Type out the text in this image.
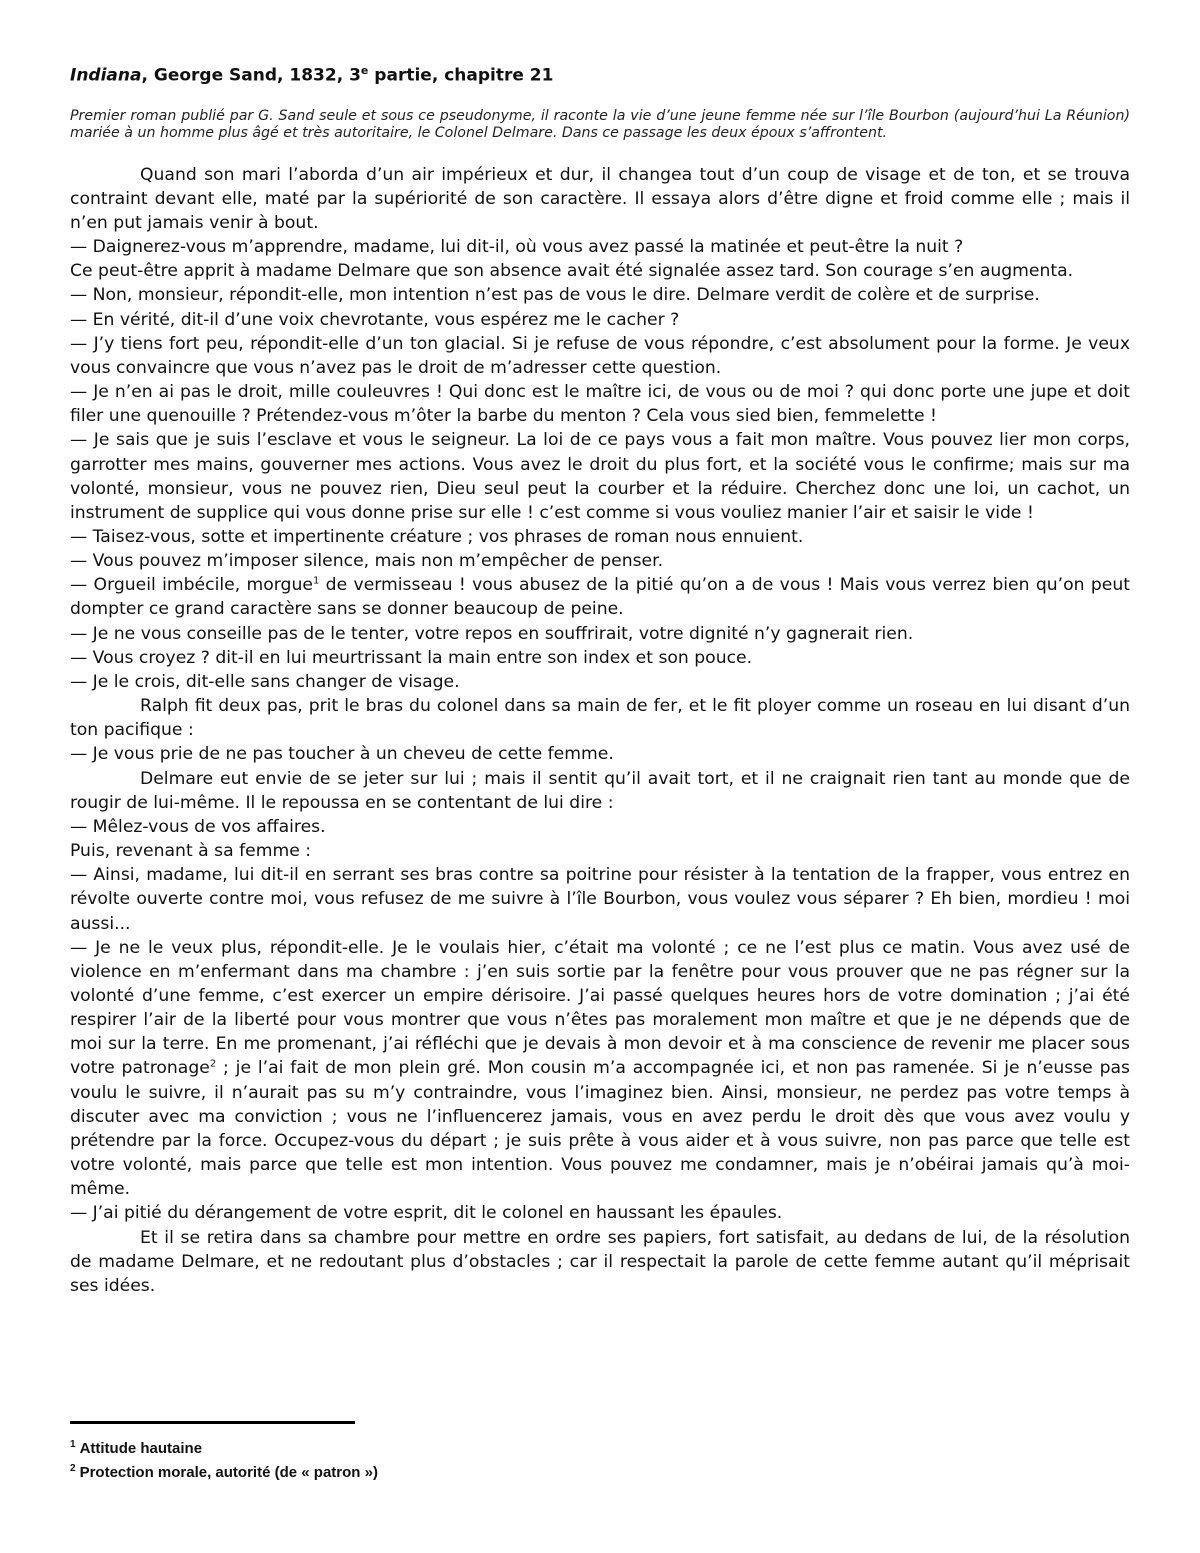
Indiana, George Sand, 1832, 3e partie, chapitre 21

Premier roman publié par G. Sand seule et sous ce pseudonyme, il raconte la vie d’une jeune femme née sur l’île Bourbon (aujourd’hui La Réunion) mariée à un homme plus âgé et très autoritaire, le Colonel Delmare. Dans ce passage les deux époux s’affrontent.

Quand son mari l’aborda d’un air impérieux et dur, il changea tout d’un coup de visage et de ton, et se trouva contraint devant elle, maté par la supériorité de son caractère. Il essaya alors d’être digne et froid comme elle ; mais il n’en put jamais venir à bout.

— Daignerez-vous m’apprendre, madame, lui dit-il, où vous avez passé la matinée et peut-être la nuit ?

Ce peut-être apprit à madame Delmare que son absence avait été signalée assez tard. Son courage s’en augmenta.

— Non, monsieur, répondit-elle, mon intention n’est pas de vous le dire. Delmare verdit de colère et de surprise.

— En vérité, dit-il d’une voix chevrotante, vous espérez me le cacher ?

— J’y tiens fort peu, répondit-elle d’un ton glacial. Si je refuse de vous répondre, c’est absolument pour la forme. Je veux vous convaincre que vous n’avez pas le droit de m’adresser cette question.

— Je n’en ai pas le droit, mille couleuvres ! Qui donc est le maître ici, de vous ou de moi ? qui donc porte une jupe et doit filer une quenouille ? Prétendez-vous m’ôter la barbe du menton ? Cela vous sied bien, femmelette !

— Je sais que je suis l’esclave et vous le seigneur. La loi de ce pays vous a fait mon maître. Vous pouvez lier mon corps, garrotter mes mains, gouverner mes actions. Vous avez le droit du plus fort, et la société vous le confirme; mais sur ma volonté, monsieur, vous ne pouvez rien, Dieu seul peut la courber et la réduire. Cherchez donc une loi, un cachot, un instrument de supplice qui vous donne prise sur elle ! c’est comme si vous vouliez manier l’air et saisir le vide !

— Taisez-vous, sotte et impertinente créature ; vos phrases de roman nous ennuient.

— Vous pouvez m’imposer silence, mais non m’empêcher de penser.

— Orgueil imbécile, morgue$^1$ de vermisseau ! vous abusez de la pitié qu’on a de vous ! Mais vous verrez bien qu’on peut dompter ce grand caractère sans se donner beaucoup de peine.

— Je ne vous conseille pas de le tenter, votre repos en souffrirait, votre dignité n’y gagnerait rien.

— Vous croyez ? dit-il en lui meurtrissant la main entre son index et son pouce.

— Je le crois, dit-elle sans changer de visage.

Ralph fit deux pas, prit le bras du colonel dans sa main de fer, et le fit ployer comme un roseau en lui disant d’un ton pacifique :

— Je vous prie de ne pas toucher à un cheveu de cette femme.

Delmare eut envie de se jeter sur lui ; mais il sentit qu’il avait tort, et il ne craignait rien tant au monde que de rougir de lui-même. Il le repoussa en se contentant de lui dire :

— Mêlez-vous de vos affaires.

Puis, revenant à sa femme :

— Ainsi, madame, lui dit-il en serrant ses bras contre sa poitrine pour résister à la tentation de la frapper, vous entrez en révolte ouverte contre moi, vous refusez de me suivre à l’île Bourbon, vous voulez vous séparer ? Eh bien, mordieu ! moi aussi...

— Je ne le veux plus, répondit-elle. Je le voulais hier, c’était ma volonté ; ce ne l’est plus ce matin. Vous avez usé de violence en m’enfermant dans ma chambre : j’en suis sortie par la fenêtre pour vous prouver que ne pas régner sur la volonté d’une femme, c’est exercer un empire dérisoire. J’ai passé quelques heures hors de votre domination ; j’ai été respirer l’air de la liberté pour vous montrer que vous n’êtes pas moralement mon maître et que je ne dépends que de moi sur la terre. En me promenant, j’ai réfléchi que je devais à mon devoir et à ma conscience de revenir me placer sous votre patronage$^2$ ; je l’ai fait de mon plein gré. Mon cousin m’a accompagnée ici, et non pas ramenée. Si je n’eusse pas voulu le suivre, il n’aurait pas su m’y contraindre, vous l’imaginez bien. Ainsi, monsieur, ne perdez pas votre temps à discuter avec ma conviction ; vous ne l’influencerez jamais, vous en avez perdu le droit dès que vous avez voulu y prétendre par la force. Occupez-vous du départ ; je suis prête à vous aider et à vous suivre, non pas parce que telle est votre volonté, mais parce que telle est mon intention. Vous pouvez me condamner, mais je n’obéirai jamais qu’à moi-même.

— J’ai pitié du dérangement de votre esprit, dit le colonel en haussant les épaules.

Et il se retira dans sa chambre pour mettre en ordre ses papiers, fort satisfait, au dedans de lui, de la résolution de madame Delmare, et ne redoutant plus d’obstacles ; car il respectait la parole de cette femme autant qu’il méprisait ses idées.

$^1$ Attitude hautaine
$^2$ Protection morale, autorité (de « patron »)
